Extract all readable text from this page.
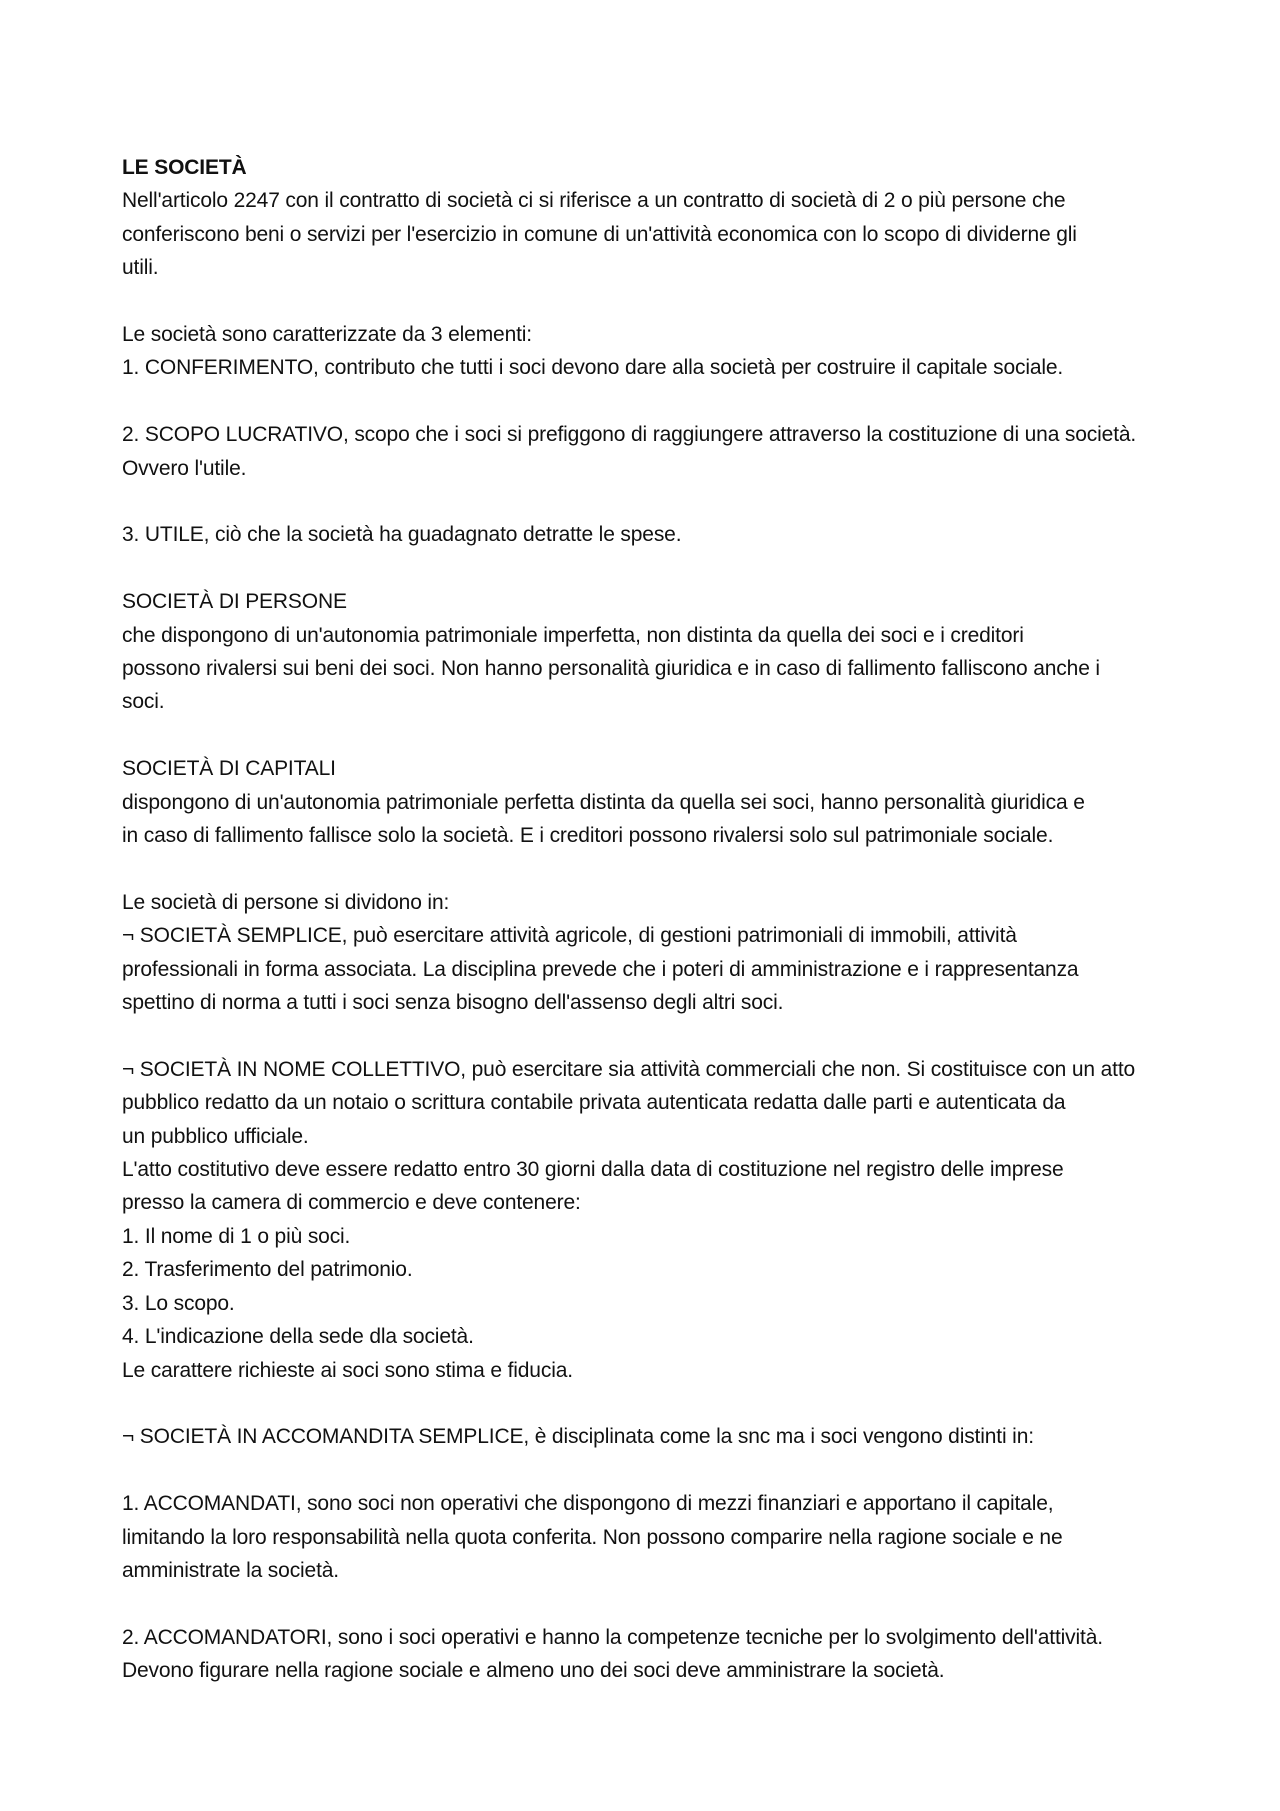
LE SOCIETÀ
Nell'articolo 2247 con il contratto di società ci si riferisce a un contratto di società di 2 o più persone che
conferiscono beni o servizi per l'esercizio in comune di un'attività economica con lo scopo di dividerne gli
utili.
Le società sono caratterizzate da 3 elementi:
1. CONFERIMENTO, contributo che tutti i soci devono dare alla società per costruire il capitale sociale.
2. SCOPO LUCRATIVO, scopo che i soci si prefiggono di raggiungere attraverso la costituzione di una società.
Ovvero l'utile.
3. UTILE, ciò che la società ha guadagnato detratte le spese.
SOCIETÀ DI PERSONE
che dispongono di un'autonomia patrimoniale imperfetta, non distinta da quella dei soci e i creditori
possono rivalersi sui beni dei soci. Non hanno personalità giuridica e in caso di fallimento falliscono anche i
soci.
SOCIETÀ DI CAPITALI
dispongono di un'autonomia patrimoniale perfetta distinta da quella sei soci, hanno personalità giuridica e
in caso di fallimento fallisce solo la società. E i creditori possono rivalersi solo sul patrimoniale sociale.
Le società di persone si dividono in:
¬ SOCIETÀ SEMPLICE, può esercitare attività agricole, di gestioni patrimoniali di immobili, attività
professionali in forma associata. La disciplina prevede che i poteri di amministrazione e i rappresentanza
spettino di norma a tutti i soci senza bisogno dell'assenso degli altri soci.
¬ SOCIETÀ IN NOME COLLETTIVO, può esercitare sia attività commerciali che non. Si costituisce con un atto
pubblico redatto da un notaio o scrittura contabile privata autenticata redatta dalle parti e autenticata da
un pubblico ufficiale.
L'atto costitutivo deve essere redatto entro 30 giorni dalla data di costituzione nel registro delle imprese
presso la camera di commercio e deve contenere:
1. Il nome di 1 o più soci.
2. Trasferimento del patrimonio.
3. Lo scopo.
4. L'indicazione della sede dla società.
Le carattere richieste ai soci sono stima e fiducia.
¬ SOCIETÀ IN ACCOMANDITA SEMPLICE, è disciplinata come la snc ma i soci vengono distinti in:
1. ACCOMANDATI, sono soci non operativi che dispongono di mezzi finanziari e apportano il capitale,
limitando la loro responsabilità nella quota conferita. Non possono comparire nella ragione sociale e ne
amministrate la società.
2. ACCOMANDATORI, sono i soci operativi e hanno la competenze tecniche per lo svolgimento dell'attività.
Devono figurare nella ragione sociale e almeno uno dei soci deve amministrare la società.
